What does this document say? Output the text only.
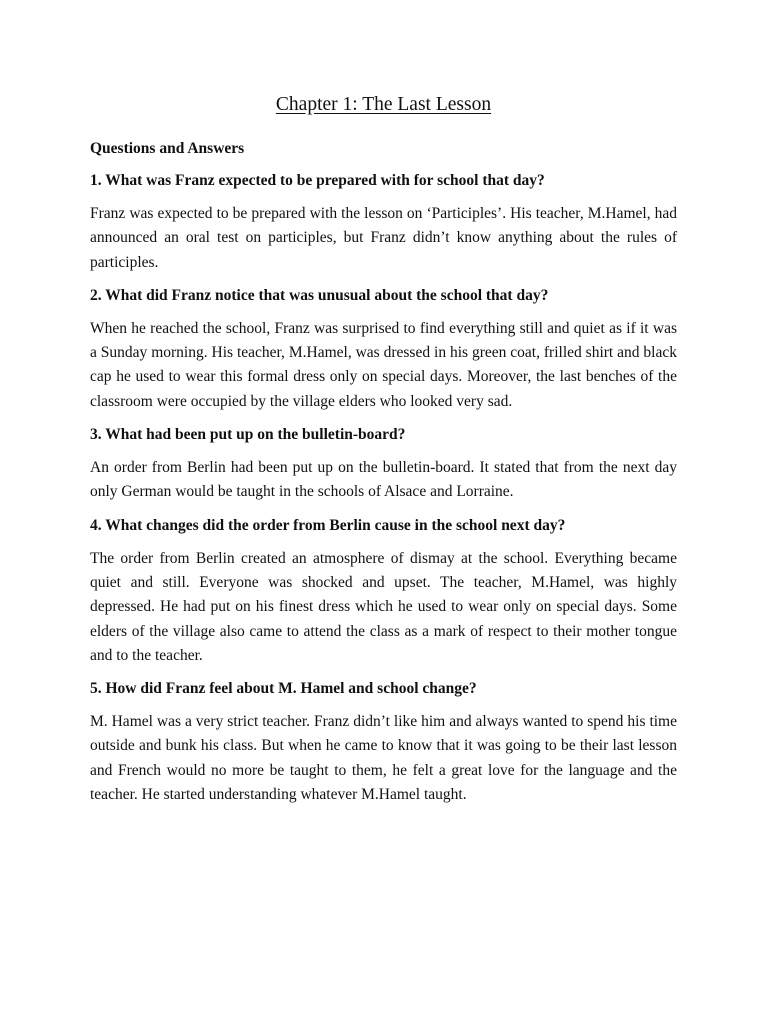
Chapter 1: The Last Lesson

Questions and Answers

1. What was Franz expected to be prepared with for school that day?

Franz was expected to be prepared with the lesson on ‘Participles’. His teacher, M.Hamel, had announced an oral test on participles, but Franz didn’t know anything about the rules of participles.

2. What did Franz notice that was unusual about the school that day?

When he reached the school, Franz was surprised to find everything still and quiet as if it was a Sunday morning. His teacher, M.Hamel, was dressed in his green coat, frilled shirt and black cap he used to wear this formal dress only on special days. Moreover, the last benches of the classroom were occupied by the village elders who looked very sad.

3. What had been put up on the bulletin-board?

An order from Berlin had been put up on the bulletin-board. It stated that from the next day only German would be taught in the schools of Alsace and Lorraine.

4. What changes did the order from Berlin cause in the school next day?

The order from Berlin created an atmosphere of dismay at the school. Everything became quiet and still. Everyone was shocked and upset. The teacher, M.Hamel, was highly depressed. He had put on his finest dress which he used to wear only on special days. Some elders of the village also came to attend the class as a mark of respect to their mother tongue and to the teacher.

5. How did Franz feel about M. Hamel and school change?

M. Hamel was a very strict teacher. Franz didn’t like him and always wanted to spend his time outside and bunk his class. But when he came to know that it was going to be their last lesson and French would no more be taught to them, he felt a great love for the language and the teacher. He started understanding whatever M.Hamel taught.
